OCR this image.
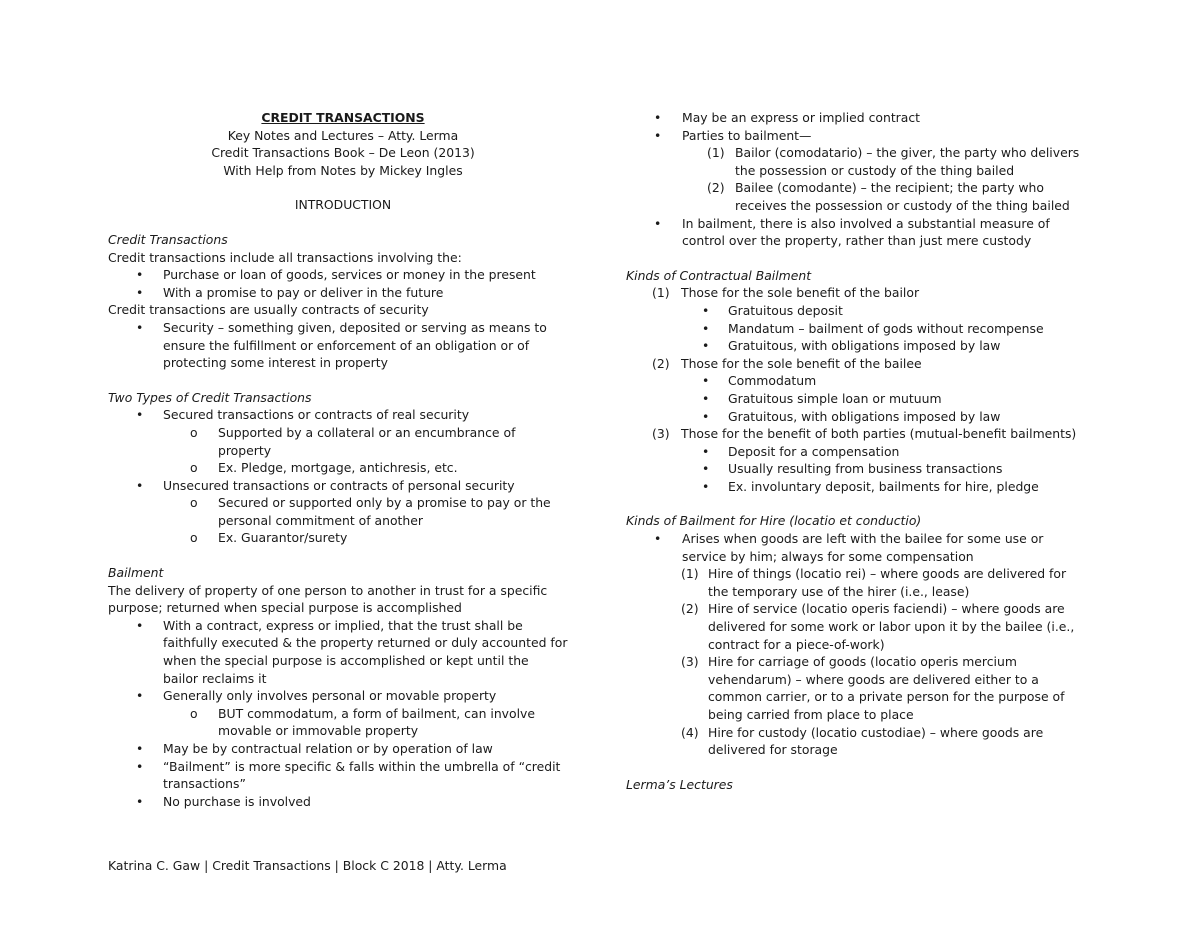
CREDIT TRANSACTIONS
Key Notes and Lectures – Atty. Lerma
Credit Transactions Book – De Leon (2013)
With Help from Notes by Mickey Ingles
INTRODUCTION
Credit Transactions
Credit transactions include all transactions involving the:
• Purchase or loan of goods, services or money in the present
• With a promise to pay or deliver in the future
Credit transactions are usually contracts of security
• Security – something given, deposited or serving as means to
ensure the fulfillment or enforcement of an obligation or of
protecting some interest in property
Two Types of Credit Transactions
• Secured transactions or contracts of real security
o Supported by a collateral or an encumbrance of
property
o Ex. Pledge, mortgage, antichresis, etc.
• Unsecured transactions or contracts of personal security
o Secured or supported only by a promise to pay or the
personal commitment of another
o Ex. Guarantor/surety
Bailment
The delivery of property of one person to another in trust for a specific
purpose; returned when special purpose is accomplished
• With a contract, express or implied, that the trust shall be
faithfully executed & the property returned or duly accounted for
when the special purpose is accomplished or kept until the
bailor reclaims it
• Generally only involves personal or movable property
o BUT commodatum, a form of bailment, can involve
movable or immovable property
• May be by contractual relation or by operation of law
• “Bailment” is more specific & falls within the umbrella of “credit
transactions”
• No purchase is involved
• May be an express or implied contract
• Parties to bailment—
(1) Bailor (comodatario) – the giver, the party who delivers
the possession or custody of the thing bailed
(2) Bailee (comodante) – the recipient; the party who
receives the possession or custody of the thing bailed
• In bailment, there is also involved a substantial measure of
control over the property, rather than just mere custody
Kinds of Contractual Bailment
(1) Those for the sole benefit of the bailor
• Gratuitous deposit
• Mandatum – bailment of gods without recompense
• Gratuitous, with obligations imposed by law
(2) Those for the sole benefit of the bailee
• Commodatum
• Gratuitous simple loan or mutuum
• Gratuitous, with obligations imposed by law
(3) Those for the benefit of both parties (mutual-benefit bailments)
• Deposit for a compensation
• Usually resulting from business transactions
• Ex. involuntary deposit, bailments for hire, pledge
Kinds of Bailment for Hire (locatio et conductio)
• Arises when goods are left with the bailee for some use or
service by him; always for some compensation
(1) Hire of things (locatio rei) – where goods are delivered for
the temporary use of the hirer (i.e., lease)
(2) Hire of service (locatio operis faciendi) – where goods are
delivered for some work or labor upon it by the bailee (i.e.,
contract for a piece-of-work)
(3) Hire for carriage of goods (locatio operis mercium
vehendarum) – where goods are delivered either to a
common carrier, or to a private person for the purpose of
being carried from place to place
(4) Hire for custody (locatio custodiae) – where goods are
delivered for storage
Lerma’s Lectures
Katrina C. Gaw | Credit Transactions | Block C 2018 | Atty. Lerma
